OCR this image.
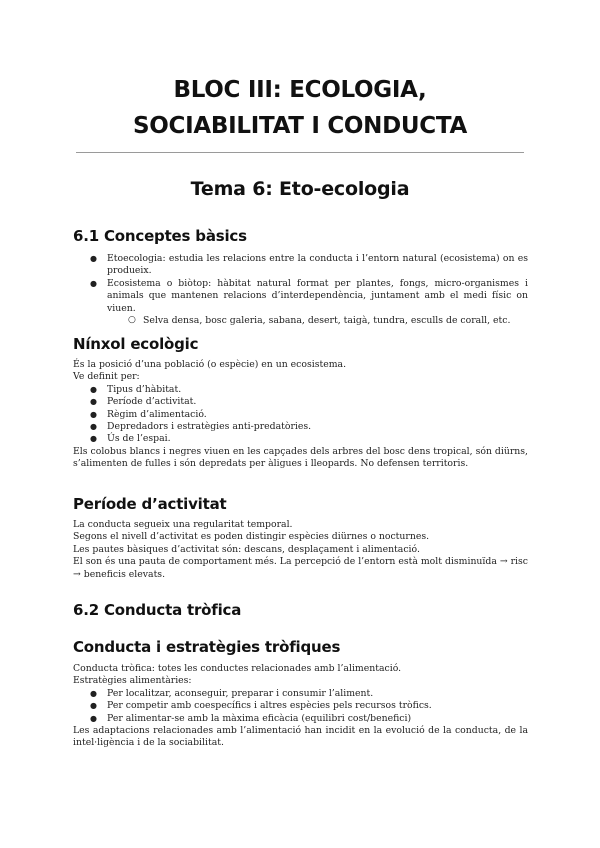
BLOC III: ECOLOGIA,
SOCIABILITAT I CONDUCTA
Tema 6: Eto-ecologia
6.1 Conceptes bàsics
● Etoecologia: estudia les relacions entre la conducta i l’entorn natural (ecosistema) on es produeix.
● Ecosistema o biòtop: hàbitat natural format per plantes, fongs, micro-organismes i animals que mantenen relacions d’interdependència, juntament amb el medi físic on viuen.
○ Selva densa, bosc galeria, sabana, desert, taigà, tundra, esculls de corall, etc.
Nínxol ecològic

És la posició d’una població (o espècie) en un ecosistema.

Ve definit per:

● Tipus d’hàbitat.
● Període d’activitat.
● Règim d’alimentació.
● Depredadors i estratègies anti-predatòries.
● Ús de l’espai.

Els colobus blancs i negres viuen en les capçades dels arbres del bosc dens tropical, són diürns, s’alimenten de fulles i són depredats per àligues i lleopards. No defensen territoris.

Període d’activitat

La conducta segueix una regularitat temporal.

Segons el nivell d’activitat es poden distingir espècies diürnes o nocturnes.

Les pautes bàsiques d’activitat són: descans, desplaçament i alimentació.

El son és una pauta de comportament més. La percepció de l’entorn està molt disminuïda → risc → beneficis elevats.

6.2 Conducta tròfica
Conducta i estratègies tròfiques

Conducta tròfica: totes les conductes relacionades amb l’alimentació.

Estratègies alimentàries:

● Per localitzar, aconseguir, preparar i consumir l’aliment.
● Per competir amb coespecífics i altres espècies pels recursos tròfics.
● Per alimentar-se amb la màxima eficàcia (equilibri cost/benefici)

Les adaptacions relacionades amb l’alimentació han incidit en la evolució de la conducta, de la intel·ligència i de la sociabilitat.
